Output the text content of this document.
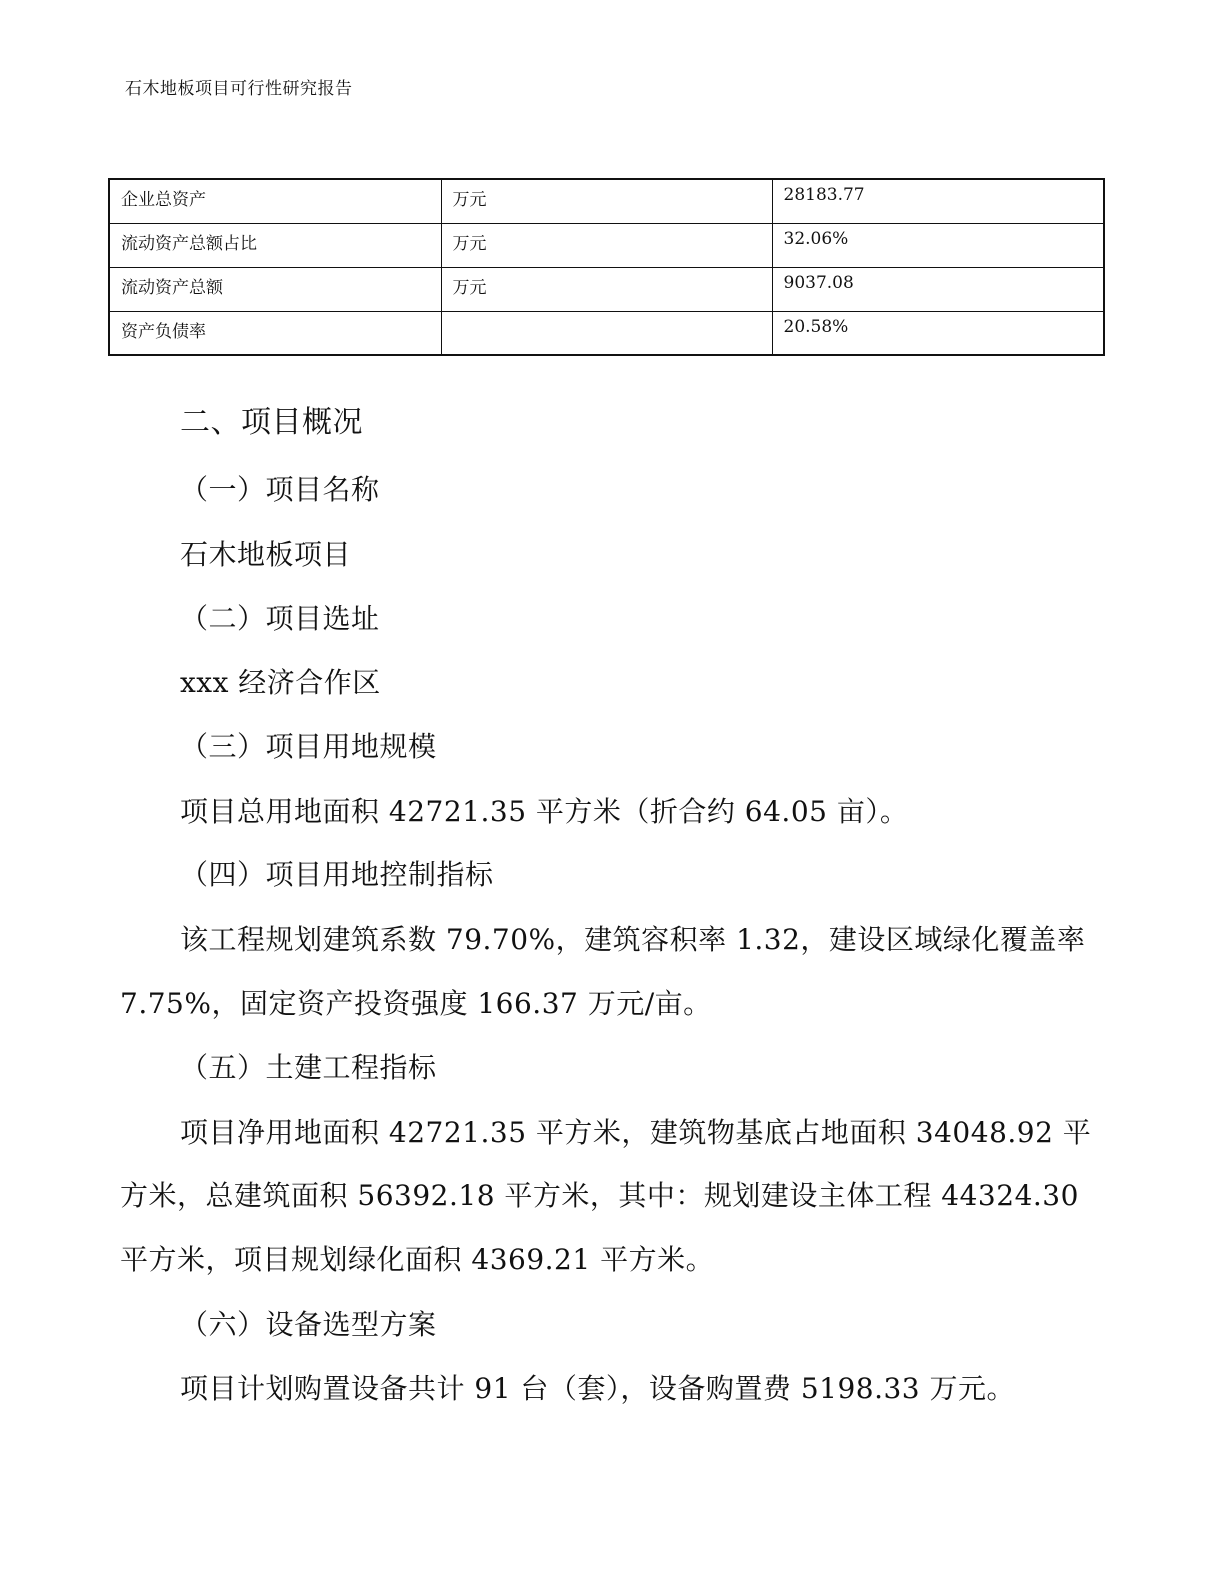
石木地板项目可行性研究报告
企业总资产	万元	28183.77
流动资产总额占比	万元	32.06%
流动资产总额	万元	9037.08
资产负债率		20.58%
二、项目概况
（一）项目名称
石木地板项目
（二）项目选址
xxx 经济合作区
（三）项目用地规模
项目总用地面积 42721.35 平方米（折合约 64.05 亩）。
（四）项目用地控制指标
该工程规划建筑系数 79.70%，建筑容积率 1.32，建设区域绿化覆盖率
7.75%，固定资产投资强度 166.37 万元/亩。
（五）土建工程指标
项目净用地面积 42721.35 平方米，建筑物基底占地面积 34048.92 平
方米，总建筑面积 56392.18 平方米，其中：规划建设主体工程 44324.30
平方米，项目规划绿化面积 4369.21 平方米。
（六）设备选型方案
项目计划购置设备共计 91 台（套），设备购置费 5198.33 万元。
